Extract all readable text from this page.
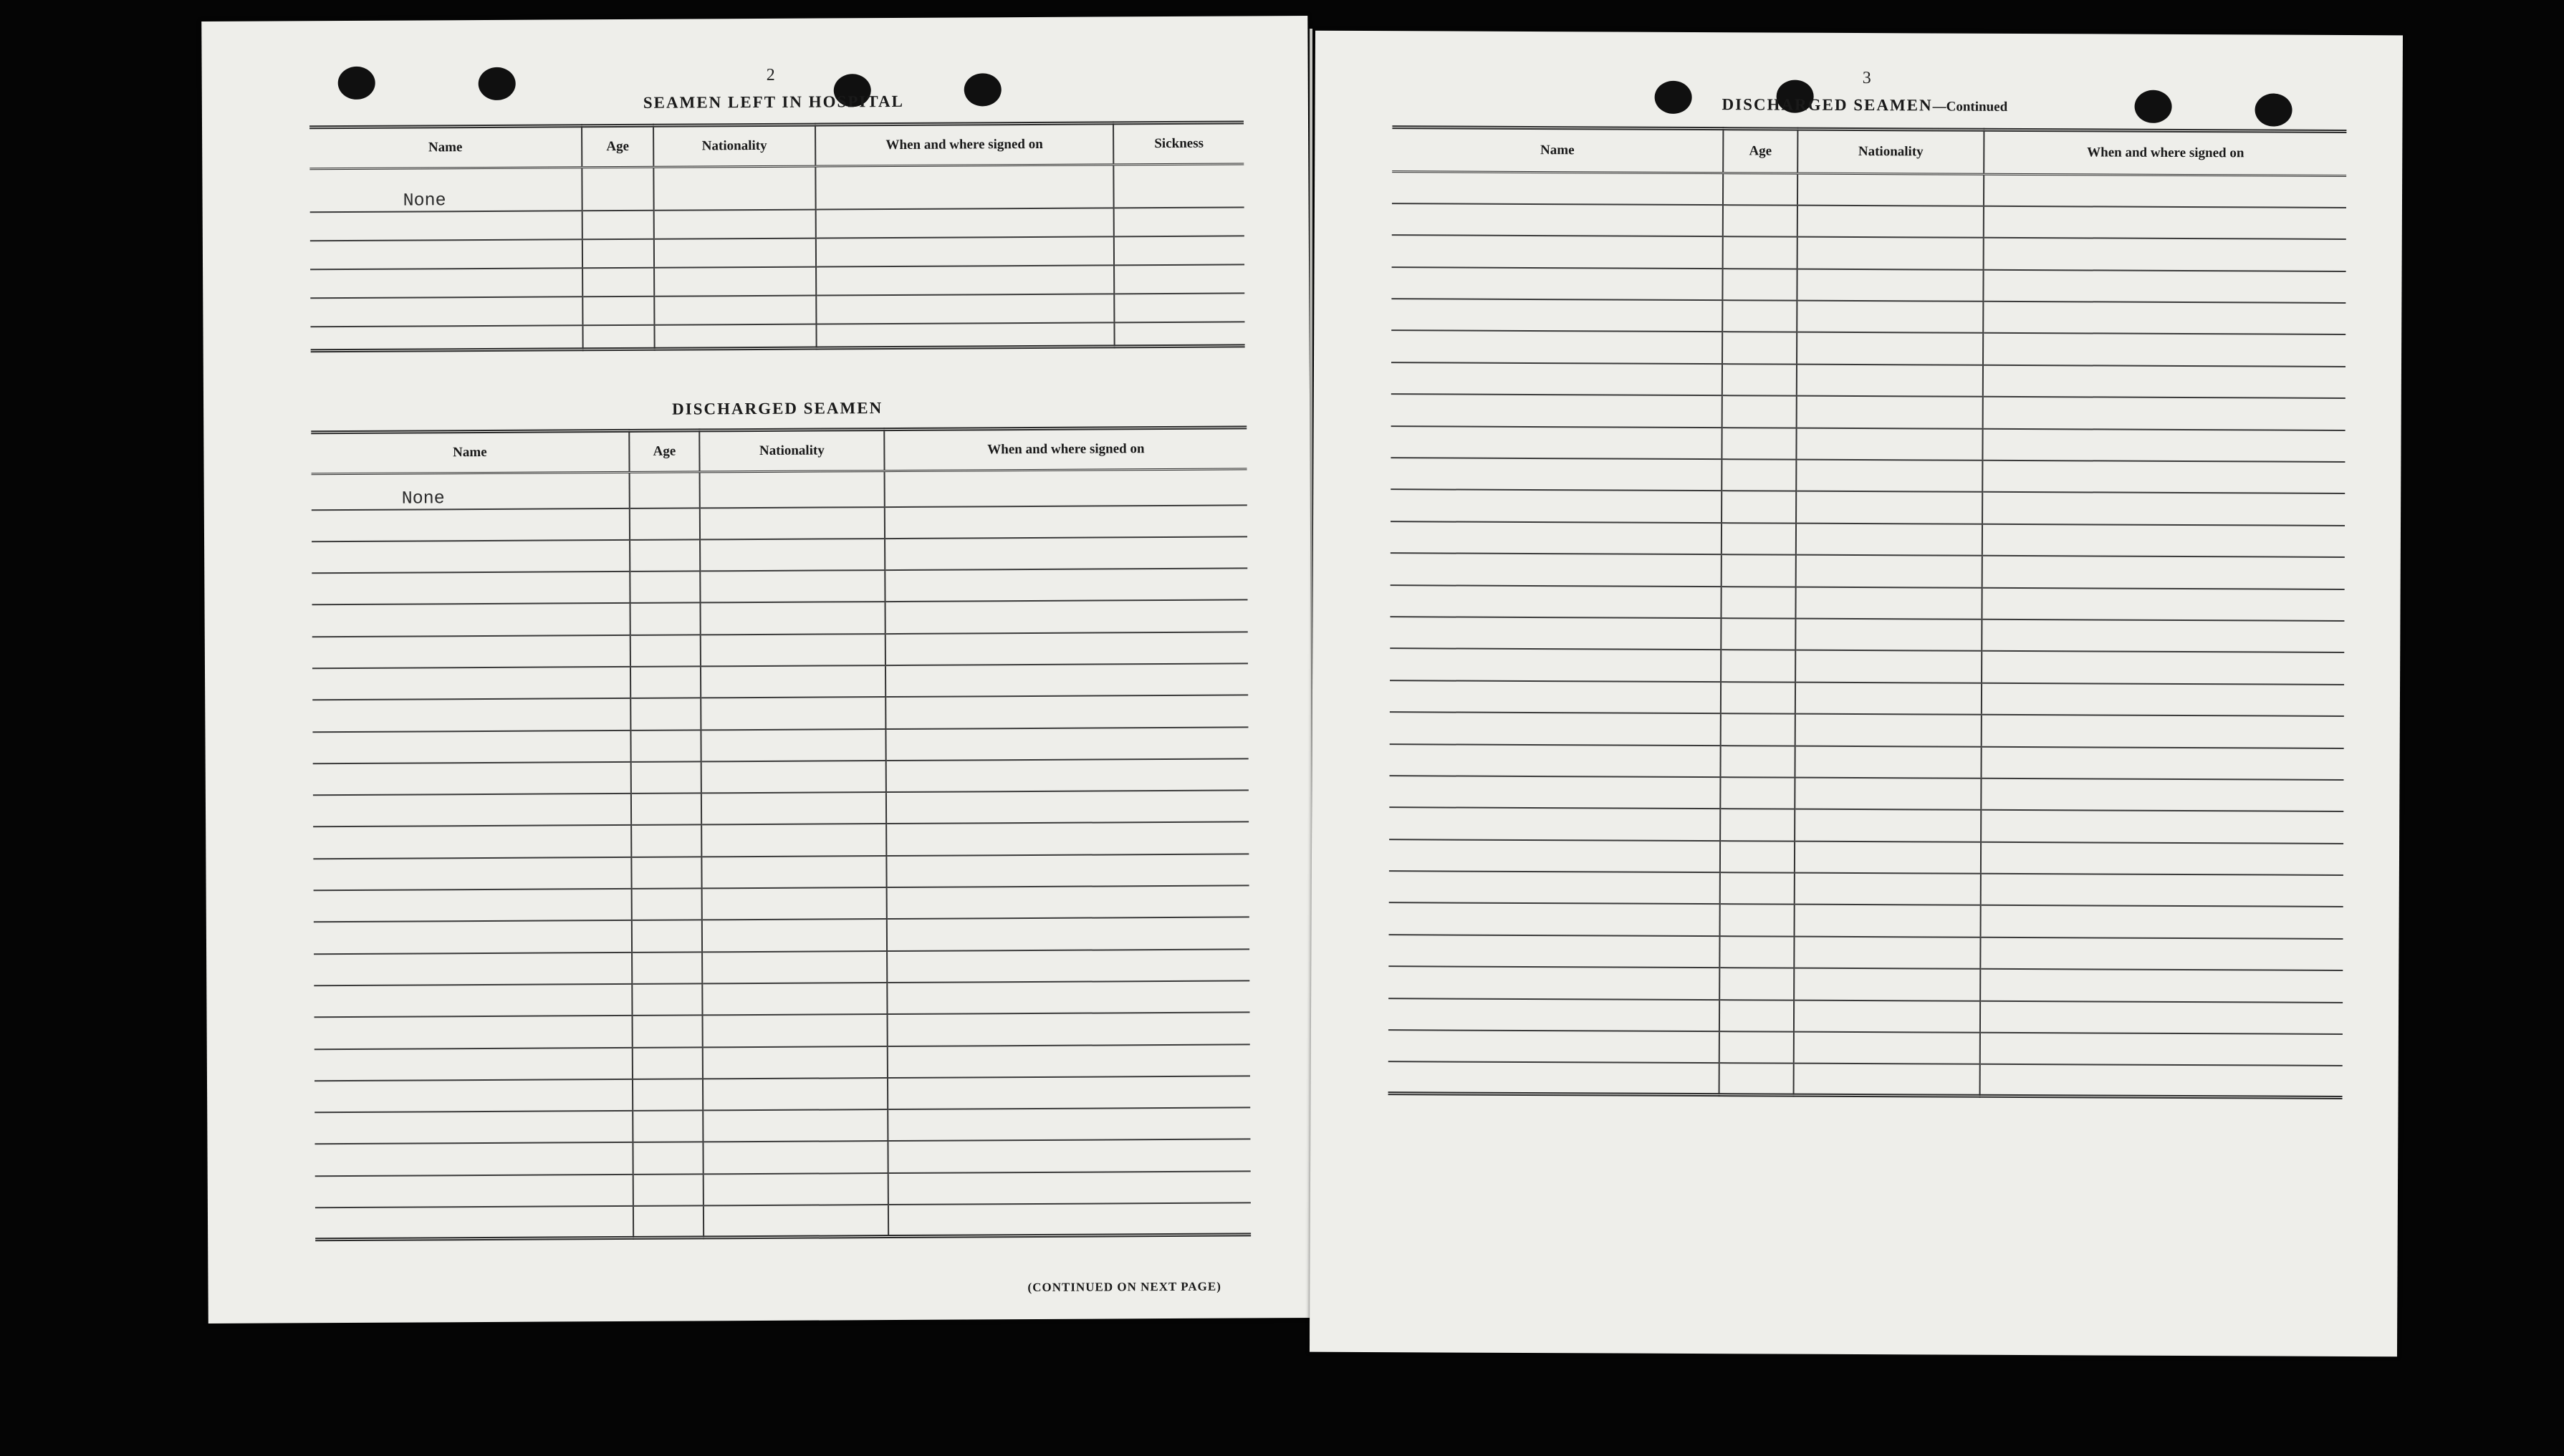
2
SEAMEN LEFT IN HOSPITAL
Name	Age	Nationality	When and where signed on	Sickness
None				

DISCHARGED SEAMEN
Name	Age	Nationality	When and where signed on
None			

(CONTINUED ON NEXT PAGE)
3
DISCHARGED SEAMEN—Continued
Name	Age	Nationality	When and where signed on
